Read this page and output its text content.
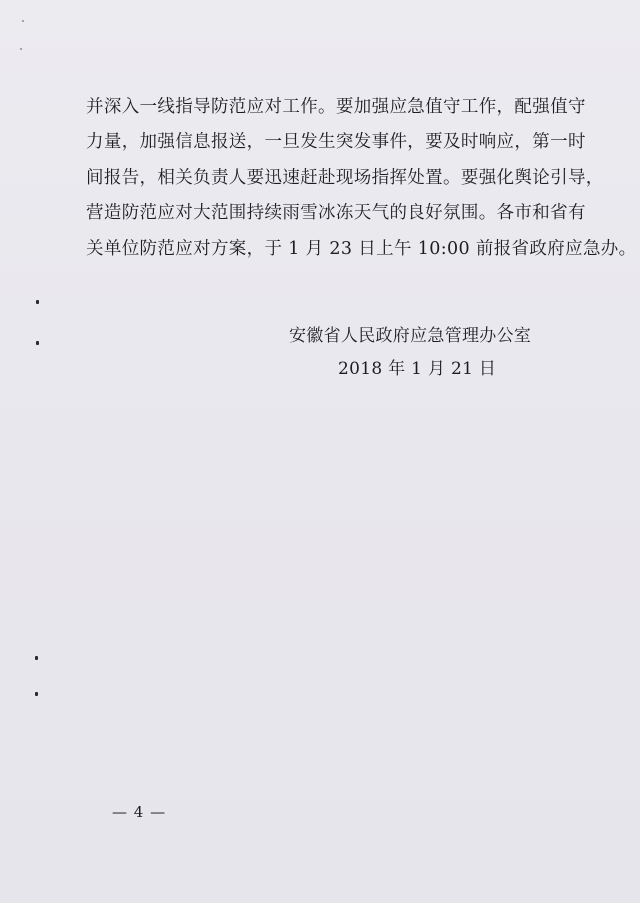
并深入一线指导防范应对工作。要加强应急值守工作，配强值守
力量，加强信息报送，一旦发生突发事件，要及时响应，第一时
间报告，相关负责人要迅速赶赴现场指挥处置。要强化舆论引导，
营造防范应对大范围持续雨雪冰冻天气的良好氛围。各市和省有
关单位防范应对方案，于 1 月 23 日上午 10:00 前报省政府应急办。

安徽省人民政府应急管理办公室
2018 年 1 月 21 日
— 4 —
